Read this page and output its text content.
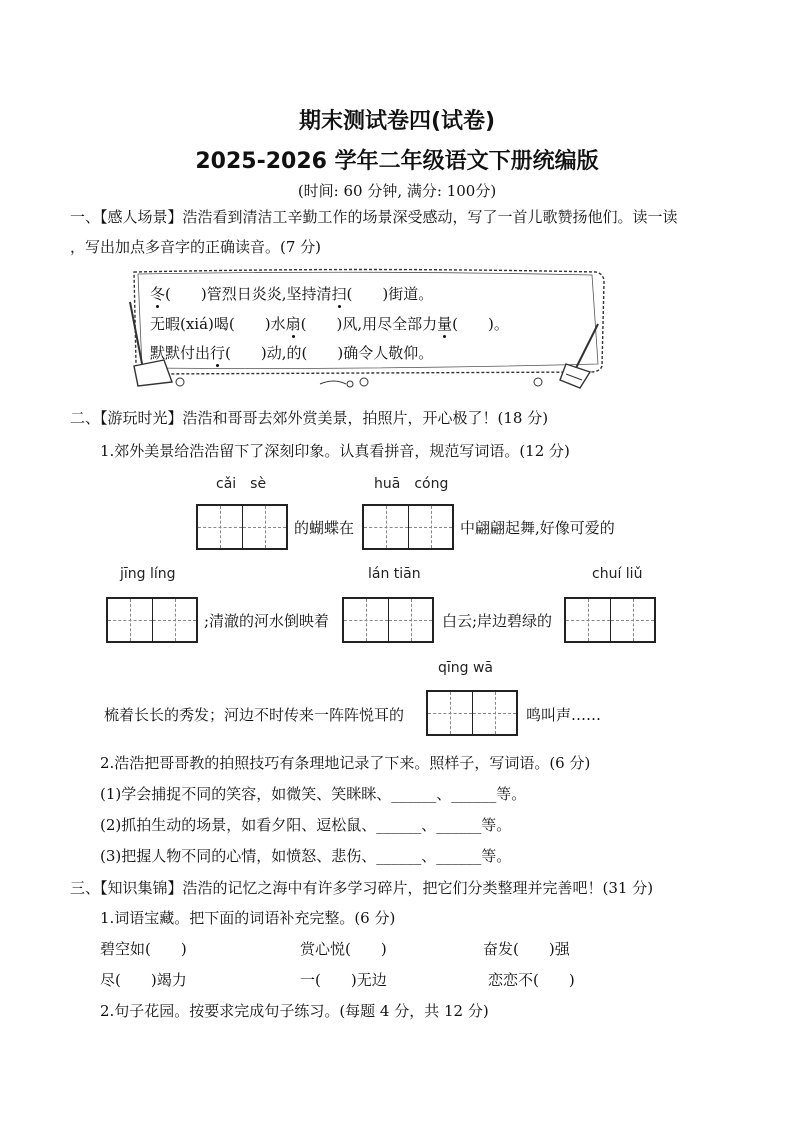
期末测试卷四(试卷)
2025-2026 学年二年级语文下册统编版
(时间: 60 分钟, 满分: 100分)
一、【感人场景】浩浩看到清洁工辛勤工作的场景深受感动，写了一首儿歌赞扬他们。读一读
，写出加点多音字的正确读音。(7 分)
冬(　　)管烈日炎炎,坚持清扫(　　)街道。
无暇(xiá)喝(　　)水扇(　　)风,用尽全部力量(　　)。
默默付出行(　　)动,的(　　)确令人敬仰。
二、【游玩时光】浩浩和哥哥去郊外赏美景，拍照片，开心极了！(18 分)
1.郊外美景给浩浩留下了深刻印象。认真看拼音，规范写词语。(12 分)
cǎi　sè	huā　cóng
的蝴蝶在	中翩翩起舞,好像可爱的
jīng líng	lán tiān	chuí liǔ
;清澈的河水倒映着	白云;岸边碧绿的
qīng wā
梳着长长的秀发；河边不时传来一阵阵悦耳的	鸣叫声……
2.浩浩把哥哥教的拍照技巧有条理地记录了下来。照样子，写词语。(6 分)
(1)学会捕捉不同的笑容，如微笑、笑眯眯、______、______等。
(2)抓拍生动的场景，如看夕阳、逗松鼠、______、______等。
(3)把握人物不同的心情，如愤怒、悲伤、______、______等。
三、【知识集锦】浩浩的记忆之海中有许多学习碎片，把它们分类整理并完善吧！(31 分)
1.词语宝藏。把下面的词语补充完整。(6 分)
碧空如(　　)	赏心悦(　　)	奋发(　　)强
尽(　　)竭力	一(　　)无边	恋恋不(　　)
2.句子花园。按要求完成句子练习。(每题 4 分，共 12 分)
